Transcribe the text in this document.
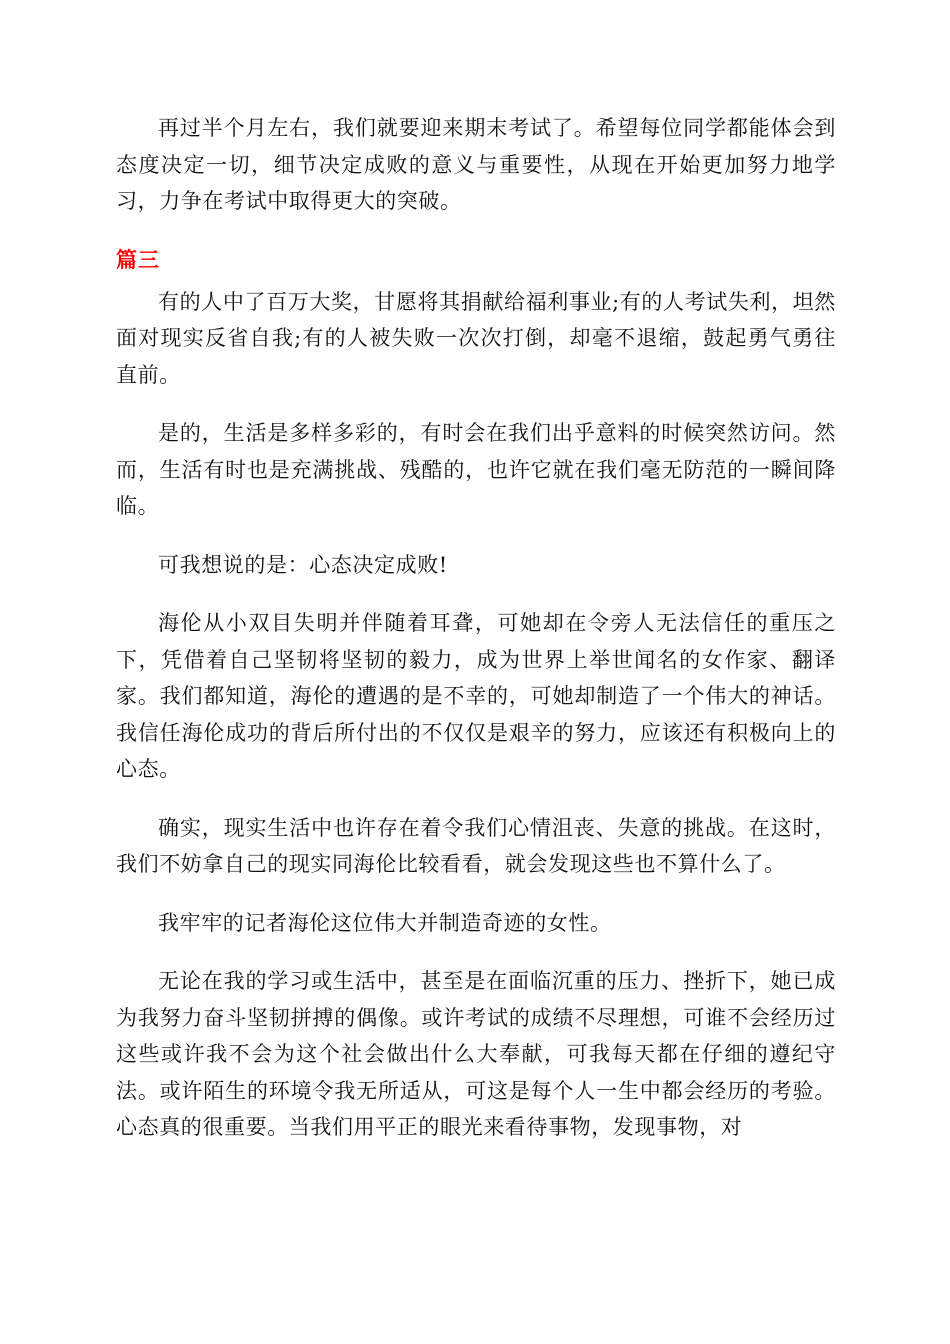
再过半个月左右，我们就要迎来期末考试了。希望每位同学都能体会到态度决定一切，细节决定成败的意义与重要性，从现在开始更加努力地学习，力争在考试中取得更大的突破。

篇三

有的人中了百万大奖，甘愿将其捐献给福利事业;有的人考试失利，坦然面对现实反省自我;有的人被失败一次次打倒，却毫不退缩，鼓起勇气勇往直前。

是的，生活是多样多彩的，有时会在我们出乎意料的时候突然访问。然而，生活有时也是充满挑战、残酷的，也许它就在我们毫无防范的一瞬间降临。

可我想说的是：心态决定成败!

海伦从小双目失明并伴随着耳聋，可她却在令旁人无法信任的重压之下，凭借着自己坚韧将坚韧的毅力，成为世界上举世闻名的女作家、翻译家。我们都知道，海伦的遭遇的是不幸的，可她却制造了一个伟大的神话。我信任海伦成功的背后所付出的不仅仅是艰辛的努力，应该还有积极向上的心态。

确实，现实生活中也许存在着令我们心情沮丧、失意的挑战。在这时，我们不妨拿自己的现实同海伦比较看看，就会发现这些也不算什么了。

我牢牢的记者海伦这位伟大并制造奇迹的女性。

无论在我的学习或生活中，甚至是在面临沉重的压力、挫折下，她已成为我努力奋斗坚韧拼搏的偶像。或许考试的成绩不尽理想，可谁不会经历过这些或许我不会为这个社会做出什么大奉献，可我每天都在仔细的遵纪守法。或许陌生的环境令我无所适从，可这是每个人一生中都会经历的考验。心态真的很重要。当我们用平正的眼光来看待事物，发现事物，对
